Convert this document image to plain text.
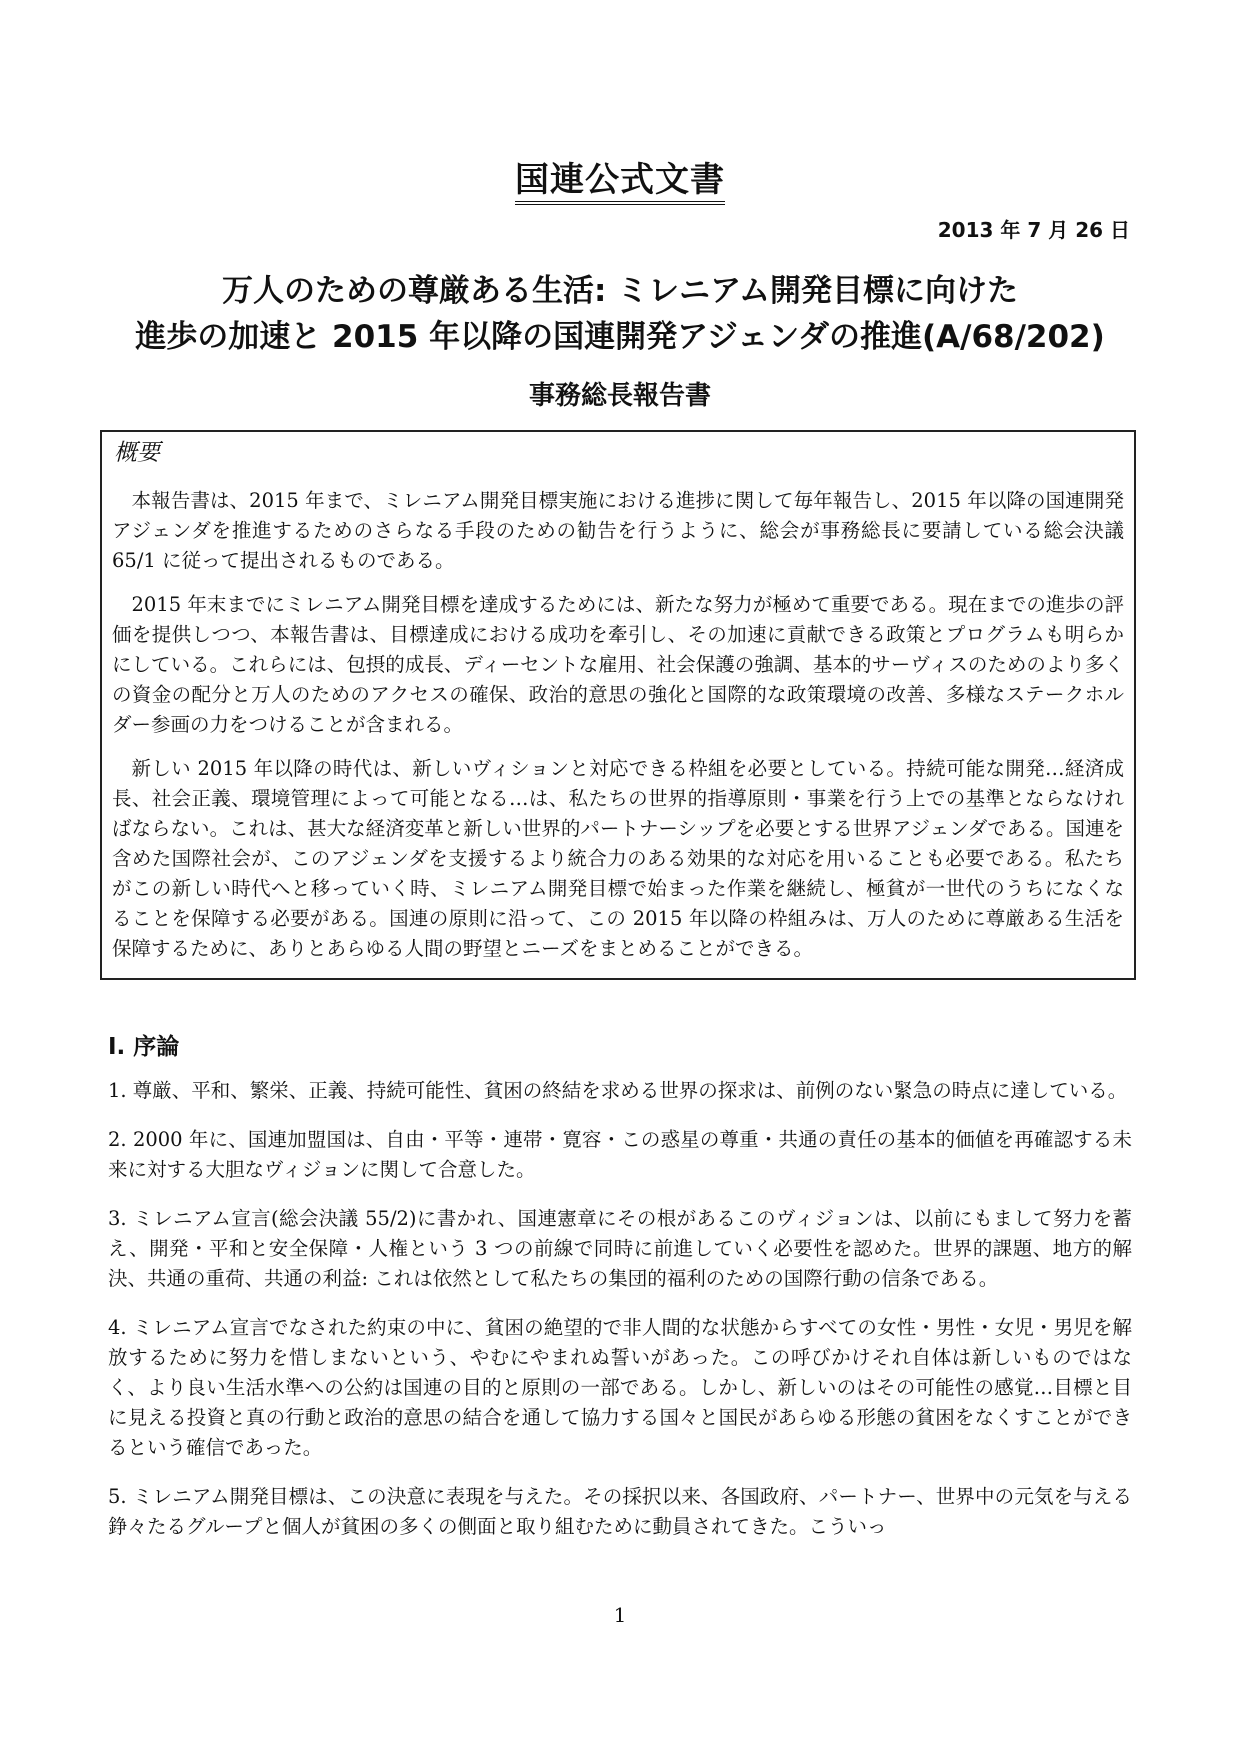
国連公式文書
2013 年 7 月 26 日
万人のための尊厳ある生活: ミレニアム開発目標に向けた
進歩の加速と 2015 年以降の国連開発アジェンダの推進(A/68/202)
事務総長報告書
概要

本報告書は、2015 年まで、ミレニアム開発目標実施における進捗に関して毎年報告し、2015 年以降の国連開発アジェンダを推進するためのさらなる手段のための勧告を行うように、総会が事務総長に要請している総会決議 65/1 に従って提出されるものである。

2015 年末までにミレニアム開発目標を達成するためには、新たな努力が極めて重要である。現在までの進歩の評価を提供しつつ、本報告書は、目標達成における成功を牽引し、その加速に貢献できる政策とプログラムも明らかにしている。これらには、包摂的成長、ディーセントな雇用、社会保護の強調、基本的サーヴィスのためのより多くの資金の配分と万人のためのアクセスの確保、政治的意思の強化と国際的な政策環境の改善、多様なステークホルダー参画の力をつけることが含まれる。

新しい 2015 年以降の時代は、新しいヴィションと対応できる枠組を必要としている。持続可能な開発…経済成長、社会正義、環境管理によって可能となる…は、私たちの世界的指導原則・事業を行う上での基準とならなければならない。これは、甚大な経済変革と新しい世界的パートナーシップを必要とする世界アジェンダである。国連を含めた国際社会が、このアジェンダを支援するより統合力のある効果的な対応を用いることも必要である。私たちがこの新しい時代へと移っていく時、ミレニアム開発目標で始まった作業を継続し、極貧が一世代のうちになくなることを保障する必要がある。国連の原則に沿って、この 2015 年以降の枠組みは、万人のために尊厳ある生活を保障するために、ありとあらゆる人間の野望とニーズをまとめることができる。

I. 序論

1. 尊厳、平和、繁栄、正義、持続可能性、貧困の終結を求める世界の探求は、前例のない緊急の時点に達している。

2. 2000 年に、国連加盟国は、自由・平等・連帯・寛容・この惑星の尊重・共通の責任の基本的価値を再確認する未来に対する大胆なヴィジョンに関して合意した。

3. ミレニアム宣言(総会決議 55/2)に書かれ、国連憲章にその根があるこのヴィジョンは、以前にもまして努力を蓄え、開発・平和と安全保障・人権という 3 つの前線で同時に前進していく必要性を認めた。世界的課題、地方的解決、共通の重荷、共通の利益: これは依然として私たちの集団的福利のための国際行動の信条である。

4. ミレニアム宣言でなされた約束の中に、貧困の絶望的で非人間的な状態からすべての女性・男性・女児・男児を解放するために努力を惜しまないという、やむにやまれぬ誓いがあった。この呼びかけそれ自体は新しいものではなく、より良い生活水準への公約は国連の目的と原則の一部である。しかし、新しいのはその可能性の感覚…目標と目に見える投資と真の行動と政治的意思の結合を通して協力する国々と国民があらゆる形態の貧困をなくすことができるという確信であった。

5. ミレニアム開発目標は、この決意に表現を与えた。その採択以来、各国政府、パートナー、世界中の元気を与える錚々たるグループと個人が貧困の多くの側面と取り組むために動員されてきた。こういっ

1
